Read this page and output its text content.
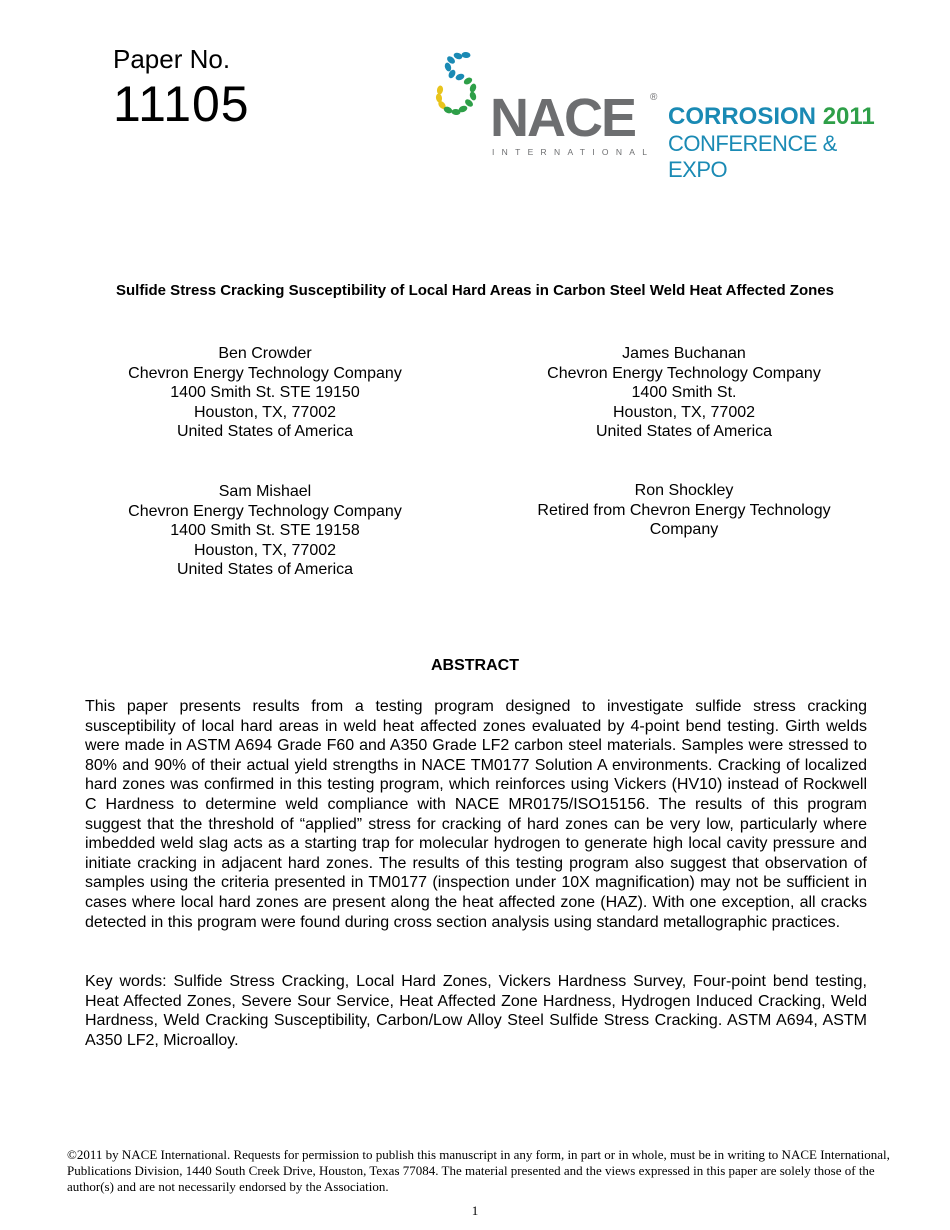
Paper No.
11105	NACE ®
INTERNATIONAL
CORROSION 2011
CONFERENCE & EXPO
Sulfide Stress Cracking Susceptibility of Local Hard Areas in Carbon Steel Weld Heat Affected Zones
Ben Crowder
Chevron Energy Technology Company
1400 Smith St. STE 19150
Houston, TX, 77002
United States of America
James Buchanan
Chevron Energy Technology Company
1400 Smith St.
Houston, TX, 77002
United States of America
Sam Mishael
Chevron Energy Technology Company
1400 Smith St. STE 19158
Houston, TX, 77002
United States of America
Ron Shockley
Retired from Chevron Energy Technology
Company
ABSTRACT
This paper presents results from a testing program designed to investigate sulfide stress cracking susceptibility of local hard areas in weld heat affected zones evaluated by 4-point bend testing. Girth welds were made in ASTM A694 Grade F60 and A350 Grade LF2 carbon steel materials. Samples were stressed to 80% and 90% of their actual yield strengths in NACE TM0177 Solution A environments. Cracking of localized hard zones was confirmed in this testing program, which reinforces using Vickers (HV10) instead of Rockwell C Hardness to determine weld compliance with NACE MR0175/ISO15156. The results of this program suggest that the threshold of “applied” stress for cracking of hard zones can be very low, particularly where imbedded weld slag acts as a starting trap for molecular hydrogen to generate high local cavity pressure and initiate cracking in adjacent hard zones. The results of this testing program also suggest that observation of samples using the criteria presented in TM0177 (inspection under 10X magnification) may not be sufficient in cases where local hard zones are present along the heat affected zone (HAZ). With one exception, all cracks detected in this program were found during cross section analysis using standard metallographic practices.
Key words: Sulfide Stress Cracking, Local Hard Zones, Vickers Hardness Survey, Four-point bend testing, Heat Affected Zones, Severe Sour Service, Heat Affected Zone Hardness, Hydrogen Induced Cracking, Weld Hardness, Weld Cracking Susceptibility, Carbon/Low Alloy Steel Sulfide Stress Cracking. ASTM A694, ASTM A350 LF2, Microalloy.
©2011 by NACE International. Requests for permission to publish this manuscript in any form, in part or in whole, must be in writing to NACE International, Publications Division, 1440 South Creek Drive, Houston, Texas 77084. The material presented and the views expressed in this paper are solely those of the author(s) and are not necessarily endorsed by the Association.
1
